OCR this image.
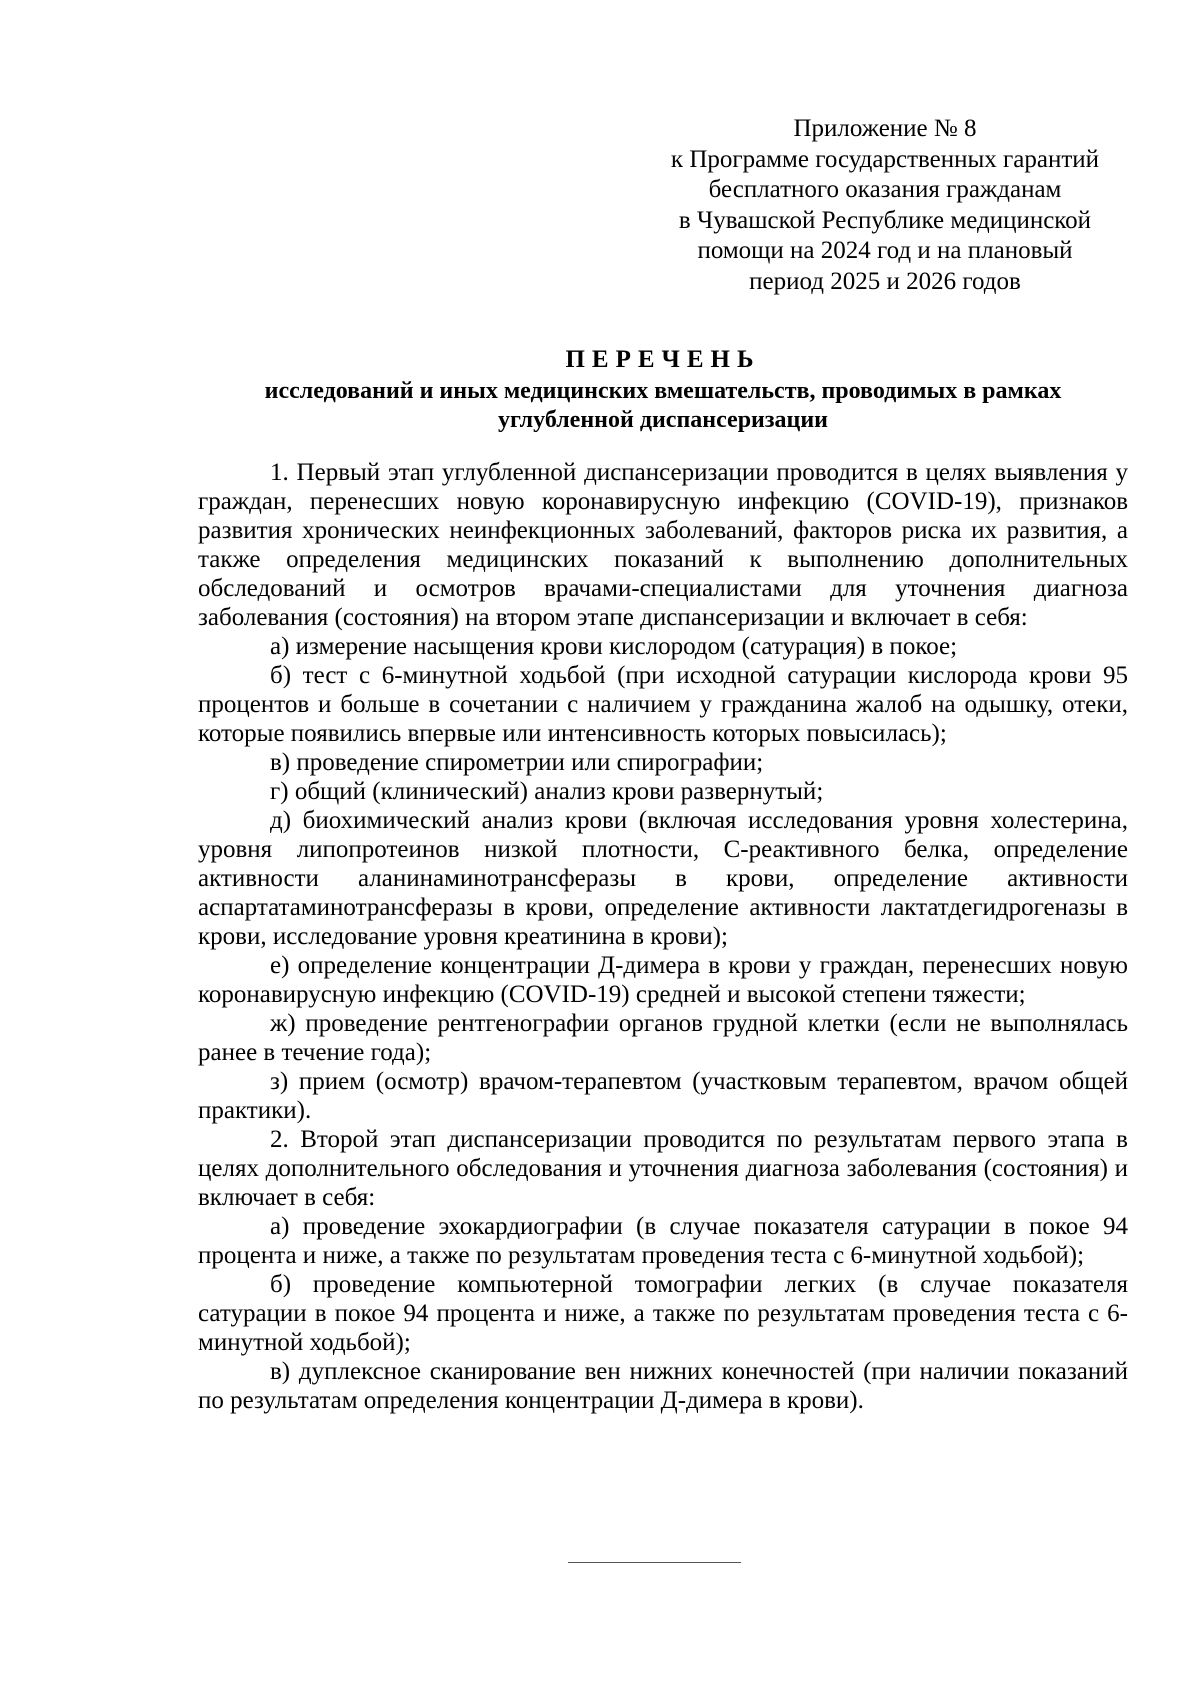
Приложение № 8
к Программе государственных гарантий
бесплатного оказания гражданам
в Чувашской Республике медицинской
помощи на 2024 год и на плановый
период 2025 и 2026 годов
ПЕРЕЧЕНЬ
исследований и иных медицинских вмешательств, проводимых в рамках углубленной диспансеризации

1. Первый этап углубленной диспансеризации проводится в целях выявления у граждан, перенесших новую коронавирусную инфекцию (COVID-19), признаков развития хронических неинфекционных заболеваний, факторов риска их развития, а также определения медицинских показаний к выполнению дополнительных обследований и осмотров врачами-специалистами для уточнения диагноза заболевания (состояния) на втором этапе диспансеризации и включает в себя:

а) измерение насыщения крови кислородом (сатурация) в покое;

б) тест с 6-минутной ходьбой (при исходной сатурации кислорода крови 95 процентов и больше в сочетании с наличием у гражданина жалоб на одышку, отеки, которые появились впервые или интенсивность которых повысилась);

в) проведение спирометрии или спирографии;

г) общий (клинический) анализ крови развернутый;

д) биохимический анализ крови (включая исследования уровня холестерина, уровня липопротеинов низкой плотности, С-реактивного белка, определение активности аланинаминотрансферазы в крови, определение активности аспартатаминотрансферазы в крови, определение активности лактатдегидрогеназы в крови, исследование уровня креатинина в крови);

е) определение концентрации Д-димера в крови у граждан, перенесших новую коронавирусную инфекцию (COVID-19) средней и высокой степени тяжести;

ж) проведение рентгенографии органов грудной клетки (если не выполнялась ранее в течение года);

з) прием (осмотр) врачом-терапевтом (участковым терапевтом, врачом общей практики).

2. Второй этап диспансеризации проводится по результатам первого этапа в целях дополнительного обследования и уточнения диагноза заболевания (состояния) и включает в себя:

а) проведение эхокардиографии (в случае показателя сатурации в покое 94 процента и ниже, а также по результатам проведения теста с 6-минутной ходьбой);

б) проведение компьютерной томографии легких (в случае показателя сатурации в покое 94 процента и ниже, а также по результатам проведения теста с 6-минутной ходьбой);

в) дуплексное сканирование вен нижних конечностей (при наличии показаний по результатам определения концентрации Д-димера в крови).
